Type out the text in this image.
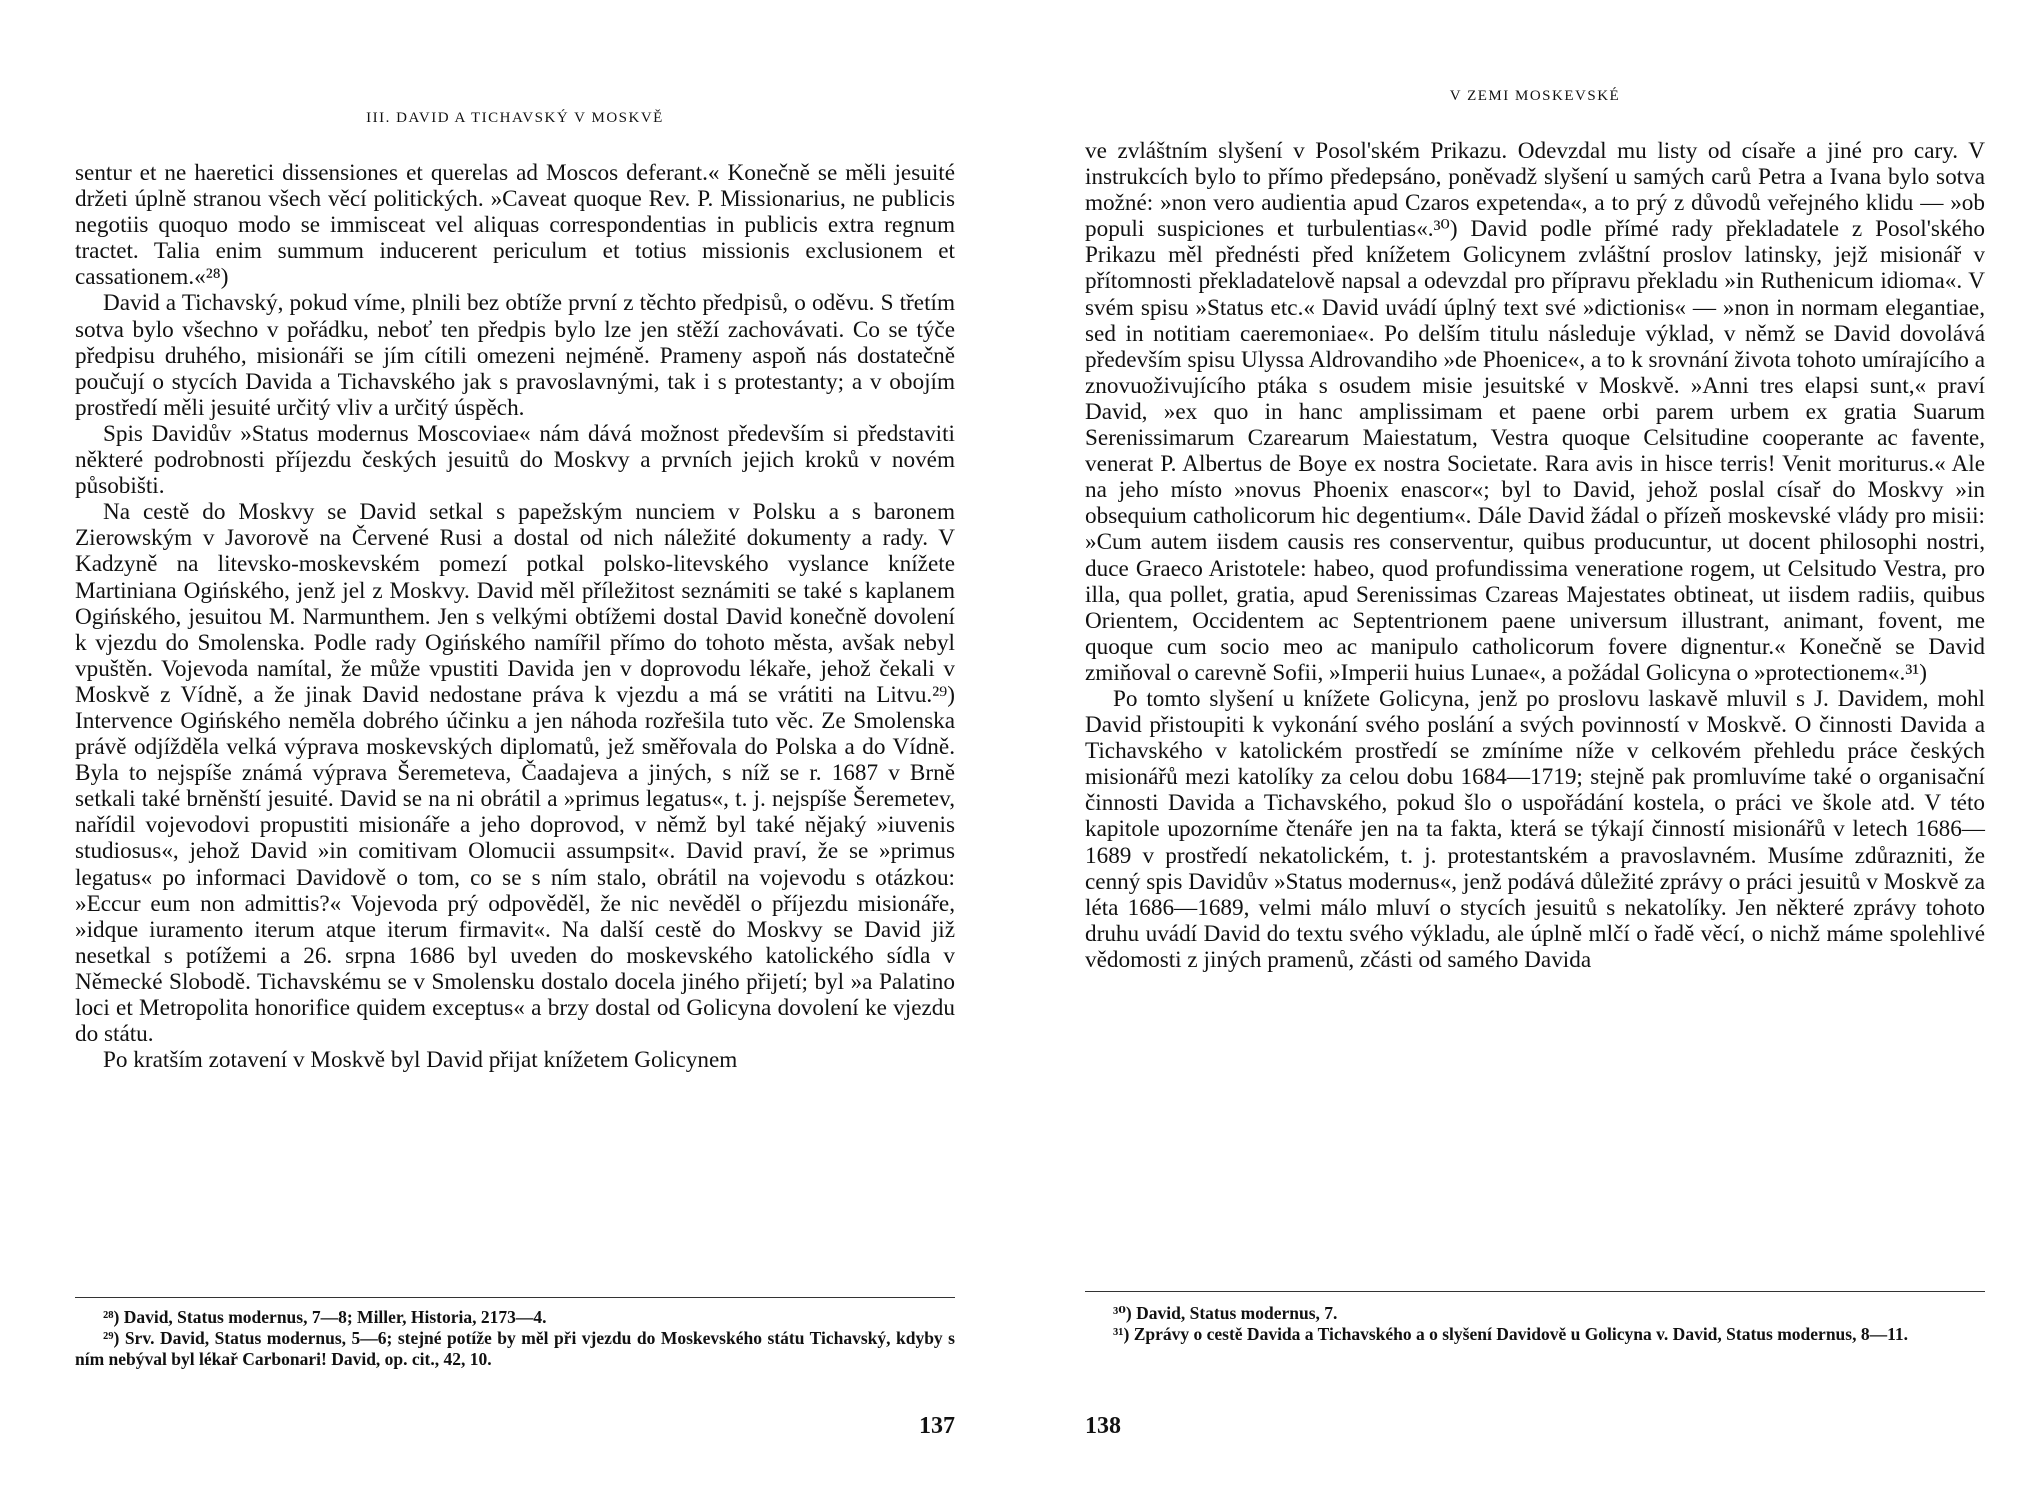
III. DAVID A TICHAVSKÝ V MOSKVĚ

sentur et ne haeretici dissensiones et querelas ad Moscos deferant.« Konečně se měli jesuité držeti úplně stranou všech věcí politických. »Caveat quoque Rev. P. Missionarius, ne publicis negotiis quoquo modo se immisceat vel aliquas correspondentias in publicis extra regnum tractet. Talia enim summum inducerent periculum et totius missionis exclusionem et cassationem.«²⁸)

David a Tichavský, pokud víme, plnili bez obtíže první z těchto předpisů, o oděvu. S třetím sotva bylo všechno v pořádku, neboť ten předpis bylo lze jen stěží zachovávati. Co se týče předpisu druhého, misionáři se jím cítili omezeni nejméně. Prameny aspoň nás dostatečně poučují o stycích Davida a Tichavského jak s pravoslavnými, tak i s protestanty; a v obojím prostředí měli jesuité určitý vliv a určitý úspěch.

Spis Davidův »Status modernus Moscoviae« nám dává možnost především si představiti některé podrobnosti příjezdu českých jesuitů do Moskvy a prvních jejich kroků v novém působišti.

Na cestě do Moskvy se David setkal s papežským nunciem v Polsku a s baronem Zierowským v Javorově na Červené Rusi a dostal od nich náležité dokumenty a rady. V Kadzyně na litevsko-moskevském pomezí potkal polsko-litevského vyslance knížete Martiniana Ogińského, jenž jel z Moskvy. David měl příležitost seznámiti se také s kaplanem Ogińského, jesuitou M. Narmunthem. Jen s velkými obtížemi dostal David konečně dovolení k vjezdu do Smolenska. Podle rady Ogińského namířil přímo do tohoto města, avšak nebyl vpuštěn. Vojevoda namítal, že může vpustiti Davida jen v doprovodu lékaře, jehož čekali v Moskvě z Vídně, a že jinak David nedostane práva k vjezdu a má se vrátiti na Litvu.²⁹) Intervence Ogińského neměla dobrého účinku a jen náhoda rozřešila tuto věc. Ze Smolenska právě odjížděla velká výprava moskevských diplomatů, jež směřovala do Polska a do Vídně. Byla to nejspíše známá výprava Šeremeteva, Čaadajeva a jiných, s níž se r. 1687 v Brně setkali také brněnští jesuité. David se na ni obrátil a »primus legatus«, t. j. nejspíše Šeremetev, nařídil vojevodovi propustiti misionáře a jeho doprovod, v němž byl také nějaký »iuvenis studiosus«, jehož David »in comitivam Olomucii assumpsit«. David praví, že se »primus legatus« po informaci Davidově o tom, co se s ním stalo, obrátil na vojevodu s otázkou: »Eccur eum non admittis?« Vojevoda prý odpověděl, že nic nevěděl o příjezdu misionáře, »idque iuramento iterum atque iterum firmavit«. Na další cestě do Moskvy se David již nesetkal s potížemi a 26. srpna 1686 byl uveden do moskevského katolického sídla v Německé Slobodě. Tichavskému se v Smolensku dostalo docela jiného přijetí; byl »a Palatino loci et Metropolita honorifice quidem exceptus« a brzy dostal od Golicyna dovolení ke vjezdu do státu.

Po kratším zotavení v Moskvě byl David přijat knížetem Golicynem

²⁸) David, Status modernus, 7—8; Miller, Historia, 2173—4.

²⁹) Srv. David, Status modernus, 5—6; stejné potíže by měl při vjezdu do Moskevského státu Tichavský, kdyby s ním nebýval byl lékař Carbonari! David, op. cit., 42, 10.

137
V ZEMI MOSKEVSKÉ

ve zvláštním slyšení v Posol'ském Prikazu. Odevzdal mu listy od císaře a jiné pro cary. V instrukcích bylo to přímo předepsáno, poněvadž slyšení u samých carů Petra a Ivana bylo sotva možné: »non vero audientia apud Czaros expetenda«, a to prý z důvodů veřejného klidu — »ob populi suspiciones et turbulentias«.³⁰) David podle přímé rady překladatele z Posol'ského Prikazu měl přednésti před knížetem Golicynem zvláštní proslov latinsky, jejž misionář v přítomnosti překladatelově napsal a odevzdal pro přípravu překladu »in Ruthenicum idioma«. V svém spisu »Status etc.« David uvádí úplný text své »dictionis« — »non in normam elegantiae, sed in notitiam caeremoniae«. Po delším titulu následuje výklad, v němž se David dovolává především spisu Ulyssa Aldrovandiho »de Phoenice«, a to k srovnání života tohoto umírajícího a znovuoživujícího ptáka s osudem misie jesuitské v Moskvě. »Anni tres elapsi sunt,« praví David, »ex quo in hanc amplissimam et paene orbi parem urbem ex gratia Suarum Serenissimarum Czarearum Maiestatum, Vestra quoque Celsitudine cooperante ac favente, venerat P. Albertus de Boye ex nostra Societate. Rara avis in hisce terris! Venit moriturus.« Ale na jeho místo »novus Phoenix enascor«; byl to David, jehož poslal císař do Moskvy »in obsequium catholicorum hic degentium«. Dále David žádal o přízeň moskevské vlády pro misii: »Cum autem iisdem causis res conserventur, quibus producuntur, ut docent philosophi nostri, duce Graeco Aristotele: habeo, quod profundissima veneratione rogem, ut Celsitudo Vestra, pro illa, qua pollet, gratia, apud Serenissimas Czareas Majestates obtineat, ut iisdem radiis, quibus Orientem, Occidentem ac Septentrionem paene universum illustrant, animant, fovent, me quoque cum socio meo ac manipulo catholicorum fovere dignentur.« Konečně se David zmiňoval o carevně Sofii, »Imperii huius Lunae«, a požádal Golicyna o »protectionem«.³¹)

Po tomto slyšení u knížete Golicyna, jenž po proslovu laskavě mluvil s J. Davidem, mohl David přistoupiti k vykonání svého poslání a svých povinností v Moskvě. O činnosti Davida a Tichavského v katolickém prostředí se zmíníme níže v celkovém přehledu práce českých misionářů mezi katolíky za celou dobu 1684—1719; stejně pak promluvíme také o organisační činnosti Davida a Tichavského, pokud šlo o uspořádání kostela, o práci ve škole atd. V této kapitole upozorníme čtenáře jen na ta fakta, která se týkají činností misionářů v letech 1686—1689 v prostředí nekatolickém, t. j. protestantském a pravoslavném. Musíme zdůrazniti, že cenný spis Davidův »Status modernus«, jenž podává důležité zprávy o práci jesuitů v Moskvě za léta 1686—1689, velmi málo mluví o stycích jesuitů s nekatolíky. Jen některé zprávy tohoto druhu uvádí David do textu svého výkladu, ale úplně mlčí o řadě věcí, o nichž máme spolehlivé vědomosti z jiných pramenů, zčásti od samého Davida

³⁰) David, Status modernus, 7.

³¹) Zprávy o cestě Davida a Tichavského a o slyšení Davidově u Golicyna v. David, Status modernus, 8—11.

138
